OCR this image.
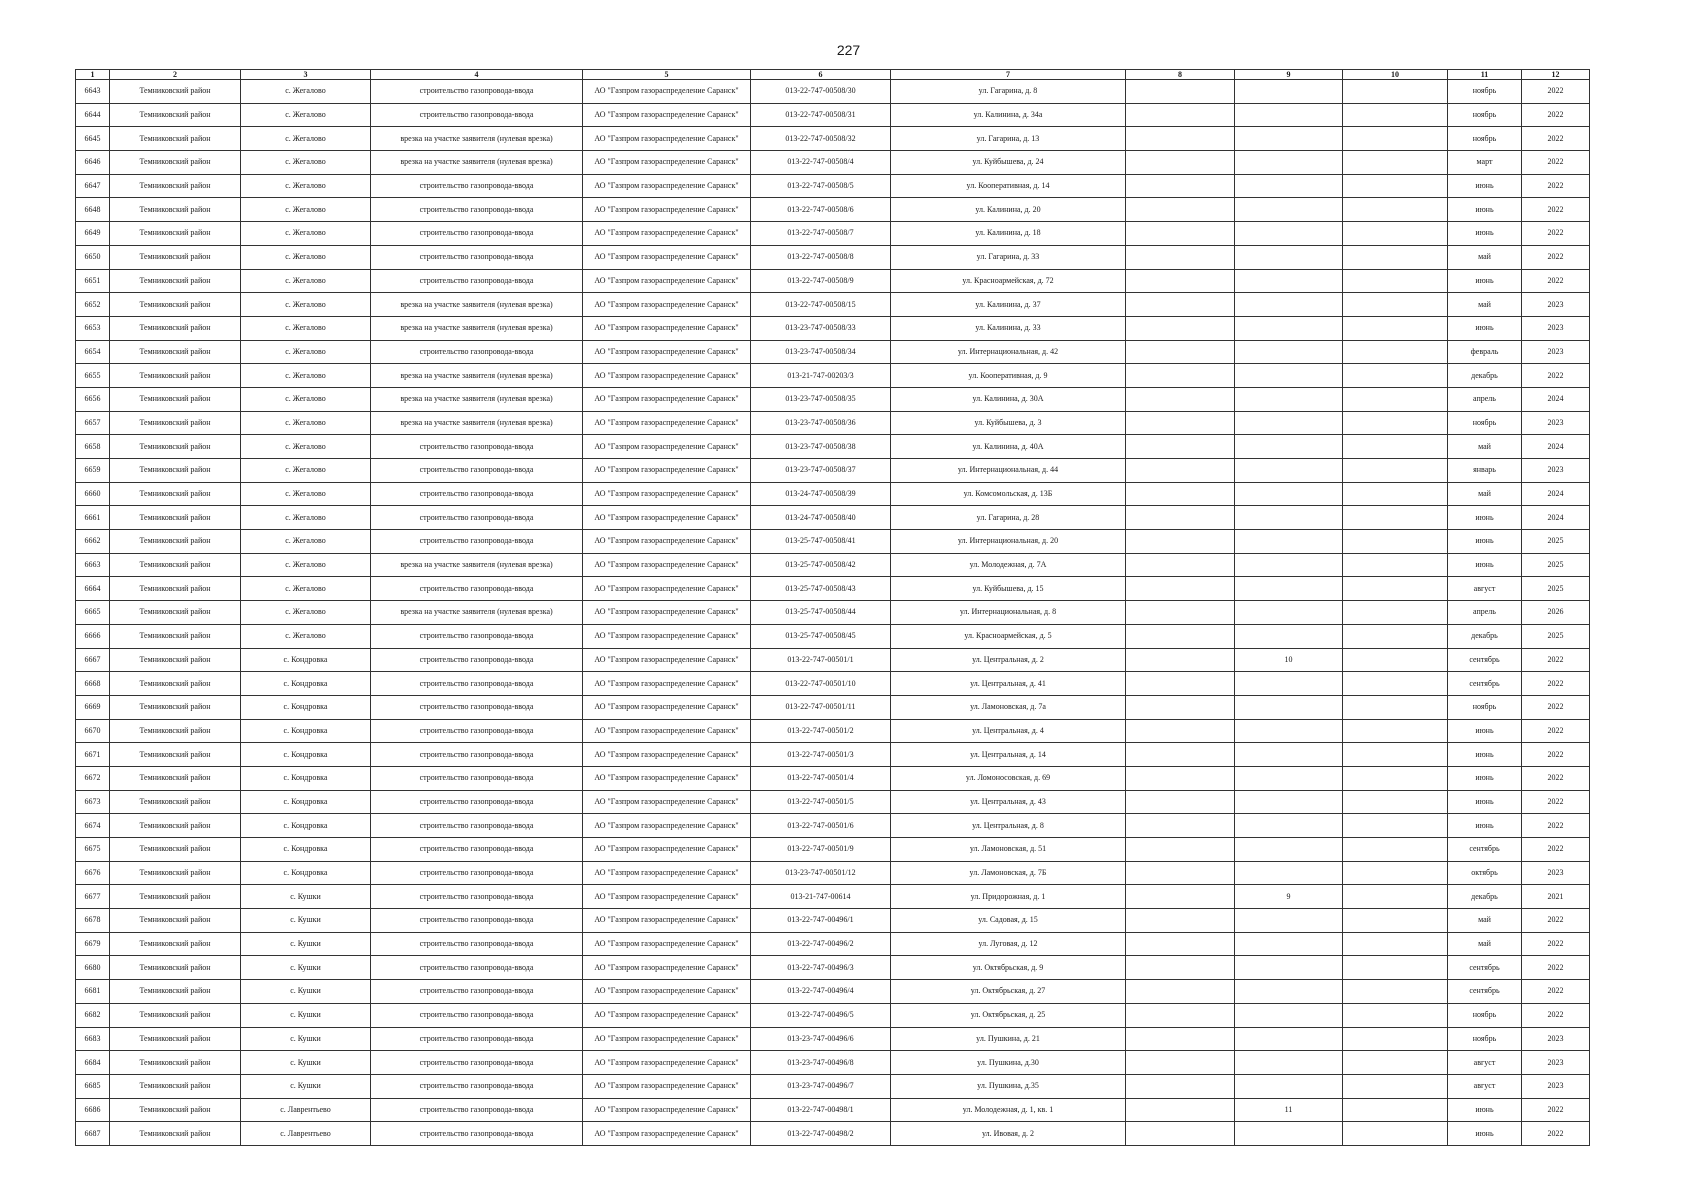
227
1	2	3	4	5	6	7	8	9	10	11	12
6643	Темниковский район	с. Жегалово	строительство газопровода-ввода	АО "Газпром газораспределение Саранск"	013-22-747-00508/30	ул. Гагарина, д. 8				ноябрь	2022
6644	Темниковский район	с. Жегалово	строительство газопровода-ввода	АО "Газпром газораспределение Саранск"	013-22-747-00508/31	ул. Калинина, д. 34а				ноябрь	2022
6645	Темниковский район	с. Жегалово	врезка на участке заявителя (нулевая врезка)	АО "Газпром газораспределение Саранск"	013-22-747-00508/32	ул. Гагарина, д. 13				ноябрь	2022
6646	Темниковский район	с. Жегалово	врезка на участке заявителя (нулевая врезка)	АО "Газпром газораспределение Саранск"	013-22-747-00508/4	ул. Куйбышева, д. 24				март	2022
6647	Темниковский район	с. Жегалово	строительство газопровода-ввода	АО "Газпром газораспределение Саранск"	013-22-747-00508/5	ул. Кооперативная, д. 14				июнь	2022
6648	Темниковский район	с. Жегалово	строительство газопровода-ввода	АО "Газпром газораспределение Саранск"	013-22-747-00508/6	ул. Калинина, д. 20				июнь	2022
6649	Темниковский район	с. Жегалово	строительство газопровода-ввода	АО "Газпром газораспределение Саранск"	013-22-747-00508/7	ул. Калинина, д. 18				июнь	2022
6650	Темниковский район	с. Жегалово	строительство газопровода-ввода	АО "Газпром газораспределение Саранск"	013-22-747-00508/8	ул. Гагарина, д. 33				май	2022
6651	Темниковский район	с. Жегалово	строительство газопровода-ввода	АО "Газпром газораспределение Саранск"	013-22-747-00508/9	ул. Красноармейская, д. 72				июнь	2022
6652	Темниковский район	с. Жегалово	врезка на участке заявителя (нулевая врезка)	АО "Газпром газораспределение Саранск"	013-22-747-00508/15	ул. Калинина, д. 37				май	2023
6653	Темниковский район	с. Жегалово	врезка на участке заявителя (нулевая врезка)	АО "Газпром газораспределение Саранск"	013-23-747-00508/33	ул. Калинина, д. 33				июнь	2023
6654	Темниковский район	с. Жегалово	строительство газопровода-ввода	АО "Газпром газораспределение Саранск"	013-23-747-00508/34	ул. Интернациональная, д. 42				февраль	2023
6655	Темниковский район	с. Жегалово	врезка на участке заявителя (нулевая врезка)	АО "Газпром газораспределение Саранск"	013-21-747-00203/3	ул. Кооперативная, д. 9				декабрь	2022
6656	Темниковский район	с. Жегалово	врезка на участке заявителя (нулевая врезка)	АО "Газпром газораспределение Саранск"	013-23-747-00508/35	ул. Калинина, д. 30А				апрель	2024
6657	Темниковский район	с. Жегалово	врезка на участке заявителя (нулевая врезка)	АО "Газпром газораспределение Саранск"	013-23-747-00508/36	ул. Куйбышева, д. 3				ноябрь	2023
6658	Темниковский район	с. Жегалово	строительство газопровода-ввода	АО "Газпром газораспределение Саранск"	013-23-747-00508/38	ул. Калинина, д. 40А				май	2024
6659	Темниковский район	с. Жегалово	строительство газопровода-ввода	АО "Газпром газораспределение Саранск"	013-23-747-00508/37	ул. Интернациональная, д. 44				январь	2023
6660	Темниковский район	с. Жегалово	строительство газопровода-ввода	АО "Газпром газораспределение Саранск"	013-24-747-00508/39	ул. Комсомольская, д. 13Б				май	2024
6661	Темниковский район	с. Жегалово	строительство газопровода-ввода	АО "Газпром газораспределение Саранск"	013-24-747-00508/40	ул. Гагарина, д. 28				июнь	2024
6662	Темниковский район	с. Жегалово	строительство газопровода-ввода	АО "Газпром газораспределение Саранск"	013-25-747-00508/41	ул. Интернациональная, д. 20				июнь	2025
6663	Темниковский район	с. Жегалово	врезка на участке заявителя (нулевая врезка)	АО "Газпром газораспределение Саранск"	013-25-747-00508/42	ул. Молодежная, д. 7А				июнь	2025
6664	Темниковский район	с. Жегалово	строительство газопровода-ввода	АО "Газпром газораспределение Саранск"	013-25-747-00508/43	ул. Куйбышева, д. 15				август	2025
6665	Темниковский район	с. Жегалово	врезка на участке заявителя (нулевая врезка)	АО "Газпром газораспределение Саранск"	013-25-747-00508/44	ул. Интернациональная, д. 8				апрель	2026
6666	Темниковский район	с. Жегалово	строительство газопровода-ввода	АО "Газпром газораспределение Саранск"	013-25-747-00508/45	ул. Красноармейская, д. 5				декабрь	2025
6667	Темниковский район	с. Кондровка	строительство газопровода-ввода	АО "Газпром газораспределение Саранск"	013-22-747-00501/1	ул. Центральная, д. 2		10		сентябрь	2022
6668	Темниковский район	с. Кондровка	строительство газопровода-ввода	АО "Газпром газораспределение Саранск"	013-22-747-00501/10	ул. Центральная, д. 41				сентябрь	2022
6669	Темниковский район	с. Кондровка	строительство газопровода-ввода	АО "Газпром газораспределение Саранск"	013-22-747-00501/11	ул. Ламоновская, д. 7а				ноябрь	2022
6670	Темниковский район	с. Кондровка	строительство газопровода-ввода	АО "Газпром газораспределение Саранск"	013-22-747-00501/2	ул. Центральная, д. 4				июнь	2022
6671	Темниковский район	с. Кондровка	строительство газопровода-ввода	АО "Газпром газораспределение Саранск"	013-22-747-00501/3	ул. Центральная, д. 14				июнь	2022
6672	Темниковский район	с. Кондровка	строительство газопровода-ввода	АО "Газпром газораспределение Саранск"	013-22-747-00501/4	ул. Ломоносовская, д. 69				июнь	2022
6673	Темниковский район	с. Кондровка	строительство газопровода-ввода	АО "Газпром газораспределение Саранск"	013-22-747-00501/5	ул. Центральная, д. 43				июнь	2022
6674	Темниковский район	с. Кондровка	строительство газопровода-ввода	АО "Газпром газораспределение Саранск"	013-22-747-00501/6	ул. Центральная, д. 8				июнь	2022
6675	Темниковский район	с. Кондровка	строительство газопровода-ввода	АО "Газпром газораспределение Саранск"	013-22-747-00501/9	ул. Ламоновская, д. 51				сентябрь	2022
6676	Темниковский район	с. Кондровка	строительство газопровода-ввода	АО "Газпром газораспределение Саранск"	013-23-747-00501/12	ул. Ламоновская, д. 7Б				октябрь	2023
6677	Темниковский район	с. Кушки	строительство газопровода-ввода	АО "Газпром газораспределение Саранск"	013-21-747-00614	ул. Придорожная, д. 1		9		декабрь	2021
6678	Темниковский район	с. Кушки	строительство газопровода-ввода	АО "Газпром газораспределение Саранск"	013-22-747-00496/1	ул. Садовая, д. 15				май	2022
6679	Темниковский район	с. Кушки	строительство газопровода-ввода	АО "Газпром газораспределение Саранск"	013-22-747-00496/2	ул. Луговая, д. 12				май	2022
6680	Темниковский район	с. Кушки	строительство газопровода-ввода	АО "Газпром газораспределение Саранск"	013-22-747-00496/3	ул. Октябрьская, д. 9				сентябрь	2022
6681	Темниковский район	с. Кушки	строительство газопровода-ввода	АО "Газпром газораспределение Саранск"	013-22-747-00496/4	ул. Октябрьская, д. 27				сентябрь	2022
6682	Темниковский район	с. Кушки	строительство газопровода-ввода	АО "Газпром газораспределение Саранск"	013-22-747-00496/5	ул. Октябрьская, д. 25				ноябрь	2022
6683	Темниковский район	с. Кушки	строительство газопровода-ввода	АО "Газпром газораспределение Саранск"	013-23-747-00496/6	ул. Пушкина, д. 21				ноябрь	2023
6684	Темниковский район	с. Кушки	строительство газопровода-ввода	АО "Газпром газораспределение Саранск"	013-23-747-00496/8	ул. Пушкина, д.30				август	2023
6685	Темниковский район	с. Кушки	строительство газопровода-ввода	АО "Газпром газораспределение Саранск"	013-23-747-00496/7	ул. Пушкина, д.35				август	2023
6686	Темниковский район	с. Лаврентьево	строительство газопровода-ввода	АО "Газпром газораспределение Саранск"	013-22-747-00498/1	ул. Молодежная, д. 1, кв. 1		11		июнь	2022
6687	Темниковский район	с. Лаврентьево	строительство газопровода-ввода	АО "Газпром газораспределение Саранск"	013-22-747-00498/2	ул. Ивовая, д. 2				июнь	2022
